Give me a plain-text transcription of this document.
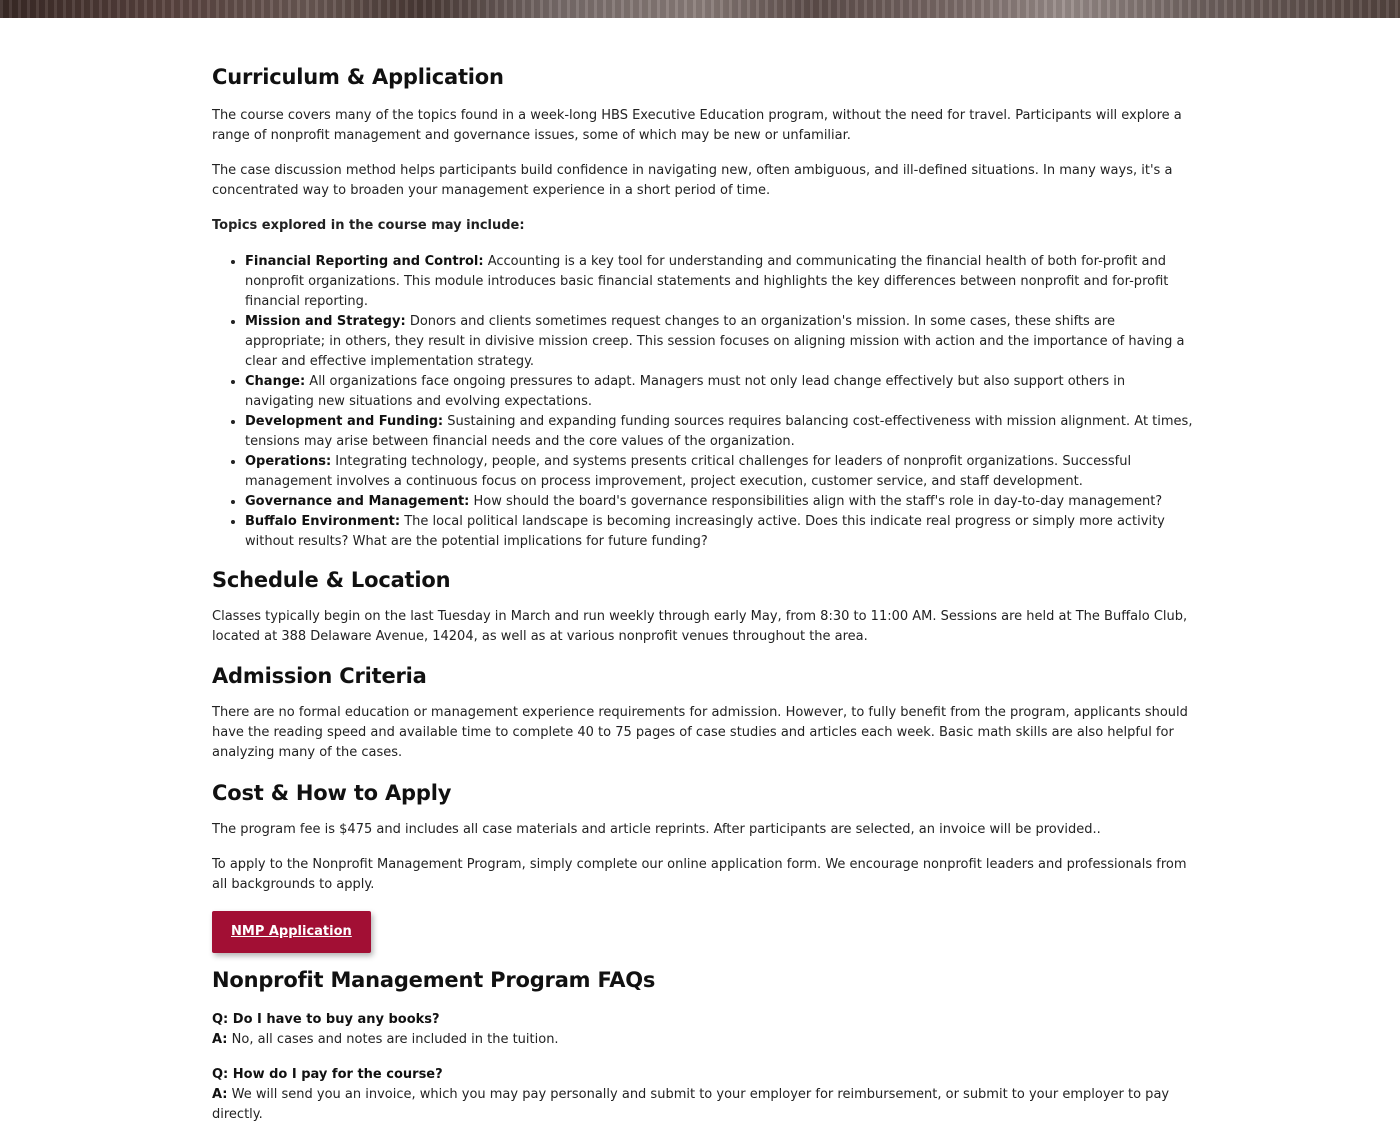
Curriculum & Application

The course covers many of the topics found in a week-long HBS Executive Education program, without the need for travel. Participants will explore a range of nonprofit management and governance issues, some of which may be new or unfamiliar.

The case discussion method helps participants build confidence in navigating new, often ambiguous, and ill-defined situations. In many ways, it's a concentrated way to broaden your management experience in a short period of time.

Topics explored in the course may include:

• Financial Reporting and Control: Accounting is a key tool for understanding and communicating the financial health of both for-profit and nonprofit organizations. This module introduces basic financial statements and highlights the key differences between nonprofit and for-profit financial reporting.
• Mission and Strategy: Donors and clients sometimes request changes to an organization's mission. In some cases, these shifts are appropriate; in others, they result in divisive mission creep. This session focuses on aligning mission with action and the importance of having a clear and effective implementation strategy.
• Change: All organizations face ongoing pressures to adapt. Managers must not only lead change effectively but also support others in navigating new situations and evolving expectations.
• Development and Funding: Sustaining and expanding funding sources requires balancing cost-effectiveness with mission alignment. At times, tensions may arise between financial needs and the core values of the organization.
• Operations: Integrating technology, people, and systems presents critical challenges for leaders of nonprofit organizations. Successful management involves a continuous focus on process improvement, project execution, customer service, and staff development.
• Governance and Management: How should the board's governance responsibilities align with the staff's role in day-to-day management?
• Buffalo Environment: The local political landscape is becoming increasingly active. Does this indicate real progress or simply more activity without results? What are the potential implications for future funding?
Schedule & Location

Classes typically begin on the last Tuesday in March and run weekly through early May, from 8:30 to 11:00 AM. Sessions are held at The Buffalo Club, located at 388 Delaware Avenue, 14204, as well as at various nonprofit venues throughout the area.

Admission Criteria

There are no formal education or management experience requirements for admission. However, to fully benefit from the program, applicants should have the reading speed and available time to complete 40 to 75 pages of case studies and articles each week. Basic math skills are also helpful for analyzing many of the cases.

Cost & How to Apply

The program fee is $475 and includes all case materials and article reprints. After participants are selected, an invoice will be provided..

To apply to the Nonprofit Management Program, simply complete our online application form. We encourage nonprofit leaders and professionals from all backgrounds to apply.

NMP Application
Nonprofit Management Program FAQs

Q: Do I have to buy any books?

A: No, all cases and notes are included in the tuition.

Q: How do I pay for the course?

A: We will send you an invoice, which you may pay personally and submit to your employer for reimbursement, or submit to your employer to pay directly.
